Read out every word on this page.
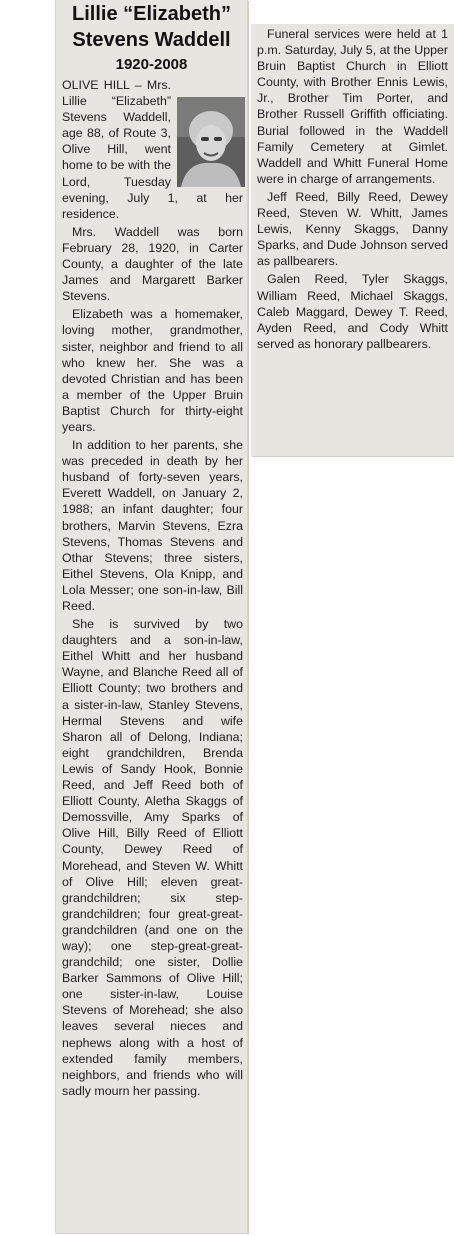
Lillie “Elizabeth”

Stevens Waddell

1920-2008

OLIVE HILL – Mrs. Lillie “Elizabeth” Stevens Waddell, age 88, of Route 3, Olive Hill, went home to be with the Lord, Tuesday evening, July 1, at her residence.

Mrs. Waddell was born February 28, 1920, in Carter County, a daughter of the late James and Margarett Barker Stevens.

Elizabeth was a homemaker, loving mother, grandmother, sister, neighbor and friend to all who knew her. She was a devoted Christian and has been a member of the Upper Bruin Baptist Church for thirty-eight years.

In addition to her parents, she was preceded in death by her husband of forty-seven years, Everett Waddell, on January 2, 1988; an infant daughter; four brothers, Marvin Stevens, Ezra Stevens, Thomas Stevens and Othar Stevens; three sisters, Eithel Stevens, Ola Knipp, and Lola Messer; one son-in-law, Bill Reed.

She is survived by two daughters and a son-in-law, Eithel Whitt and her husband Wayne, and Blanche Reed all of Elliott County; two brothers and a sister-in-law, Stanley Stevens, Hermal Stevens and wife Sharon all of Delong, Indiana; eight grandchildren, Brenda Lewis of Sandy Hook, Bonnie Reed, and Jeff Reed both of Elliott County, Aletha Skaggs of Demossville, Amy Sparks of Olive Hill, Billy Reed of Elliott County, Dewey Reed of Morehead, and Steven W. Whitt of Olive Hill; eleven great-grandchildren; six step-grandchildren; four great-great-grandchildren (and one on the way); one step-great-great-grandchild; one sister, Dollie Barker Sammons of Olive Hill; one sister-in-law, Louise Stevens of Morehead; she also leaves several nieces and nephews along with a host of extended family members, neighbors, and friends who will sadly mourn her passing.

Funeral services were held at 1 p.m. Saturday, July 5, at the Upper Bruin Baptist Church in Elliott County, with Brother Ennis Lewis, Jr., Brother Tim Porter, and Brother Russell Griffith officiating. Burial followed in the Waddell Family Cemetery at Gimlet. Waddell and Whitt Funeral Home were in charge of arrangements.

Jeff Reed, Billy Reed, Dewey Reed, Steven W. Whitt, James Lewis, Kenny Skaggs, Danny Sparks, and Dude Johnson served as pallbearers.

Galen Reed, Tyler Skaggs, William Reed, Michael Skaggs, Caleb Maggard, Dewey T. Reed, Ayden Reed, and Cody Whitt served as honorary pallbearers.
